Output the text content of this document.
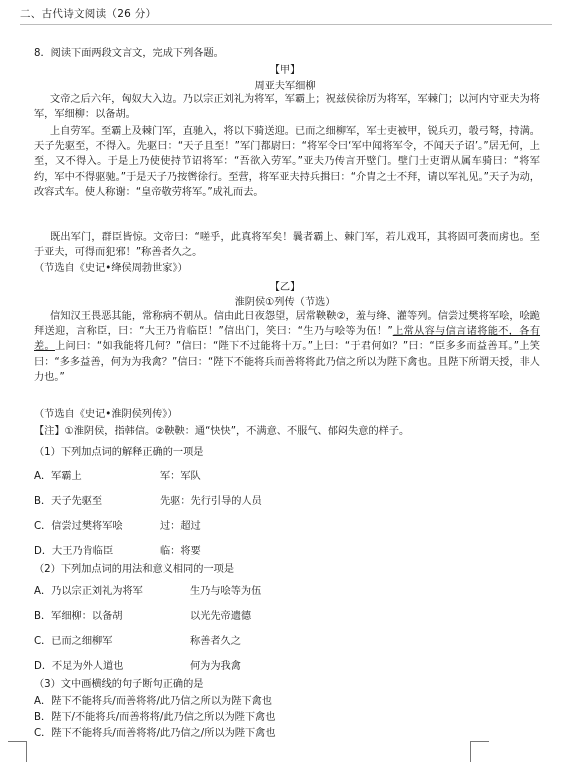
二、古代诗文阅读（26 分）
8．阅读下面两段文言文，完成下列各题。
【甲】
周亚夫军细柳
文帝之后六年，匈奴大入边。乃以宗正刘礼为将军，军霸上；祝兹侯徐厉为将军，军棘门；以河内守亚夫为将军，军细柳：以备胡。
上自劳军。至霸上及棘门军，直驰入，将以下骑送迎。已而之细柳军，军士吏被甲，锐兵刃，彀弓弩，持满。天子先驱至，不得入。先驱曰：“天子且至！”军门都尉曰：“将军令曰‘军中闻将军令，不闻天子诏’。”居无何，上至，又不得入。于是上乃使使持节诏将军：“吾欲入劳军。”亚夫乃传言开壁门。壁门士吏谓从属车骑曰：“将军约，军中不得驱驰。”于是天子乃按辔徐行。至营，将军亚夫持兵揖曰：“介胄之士不拜，请以军礼见。”天子为动，改容式车。使人称谢：“皇帝敬劳将军。”成礼而去。
既出军门，群臣皆惊。文帝曰：“嗟乎，此真将军矣！曩者霸上、棘门军，若儿戏耳，其将固可袭而虏也。至于亚夫，可得而犯邪！”称善者久之。
（节选自《史记•绛侯周勃世家》）
【乙】
淮阴侯①列传（节选）
信知汉王畏恶其能，常称病不朝从。信由此日夜怨望，居常鞅鞅②，羞与绛、灌等列。信尝过樊将军哙，哙跪拜送迎，言称臣，曰：“大王乃肯临臣！”信出门，笑曰：“生乃与哙等为伍！”上常从容与信言诸将能不，各有差。上问曰：“如我能将几何？”信曰：“陛下不过能将十万。”上曰：“于君何如？”曰：“臣多多而益善耳。”上笑曰：“多多益善，何为为我禽？”信曰：“陛下不能将兵而善将将此乃信之所以为陛下禽也。且陛下所谓天授，非人力也。”
（节选自《史记•淮阴侯列传》）
【注】①淮阴侯，指韩信。②鞅鞅：通“快快”，不满意、不服气、郁闷失意的样子。
（1）下列加点词的解释正确的一项是
A．军霸上	军：军队
B．天子先驱至	先驱：先行引导的人员
C．信尝过樊将军哙	过：超过
D．大王乃肯临臣	临：将要
（2）下列加点词的用法和意义相同的一项是
A．乃以宗正刘礼为将军	生乃与哙等为伍
B．军细柳：以备胡	以光先帝遗德
C．已而之细柳军	称善者久之
D．不足为外人道也	何为为我禽
（3）文中画横线的句子断句正确的是
A．陛下不能将兵/而善将将/此乃信之所以为陛下禽也
B．陛下/不能将兵/而善将将/此乃信之所以为陛下禽也
C．陛下不能将兵/而善将将/此乃信之/所以为陛下禽也
